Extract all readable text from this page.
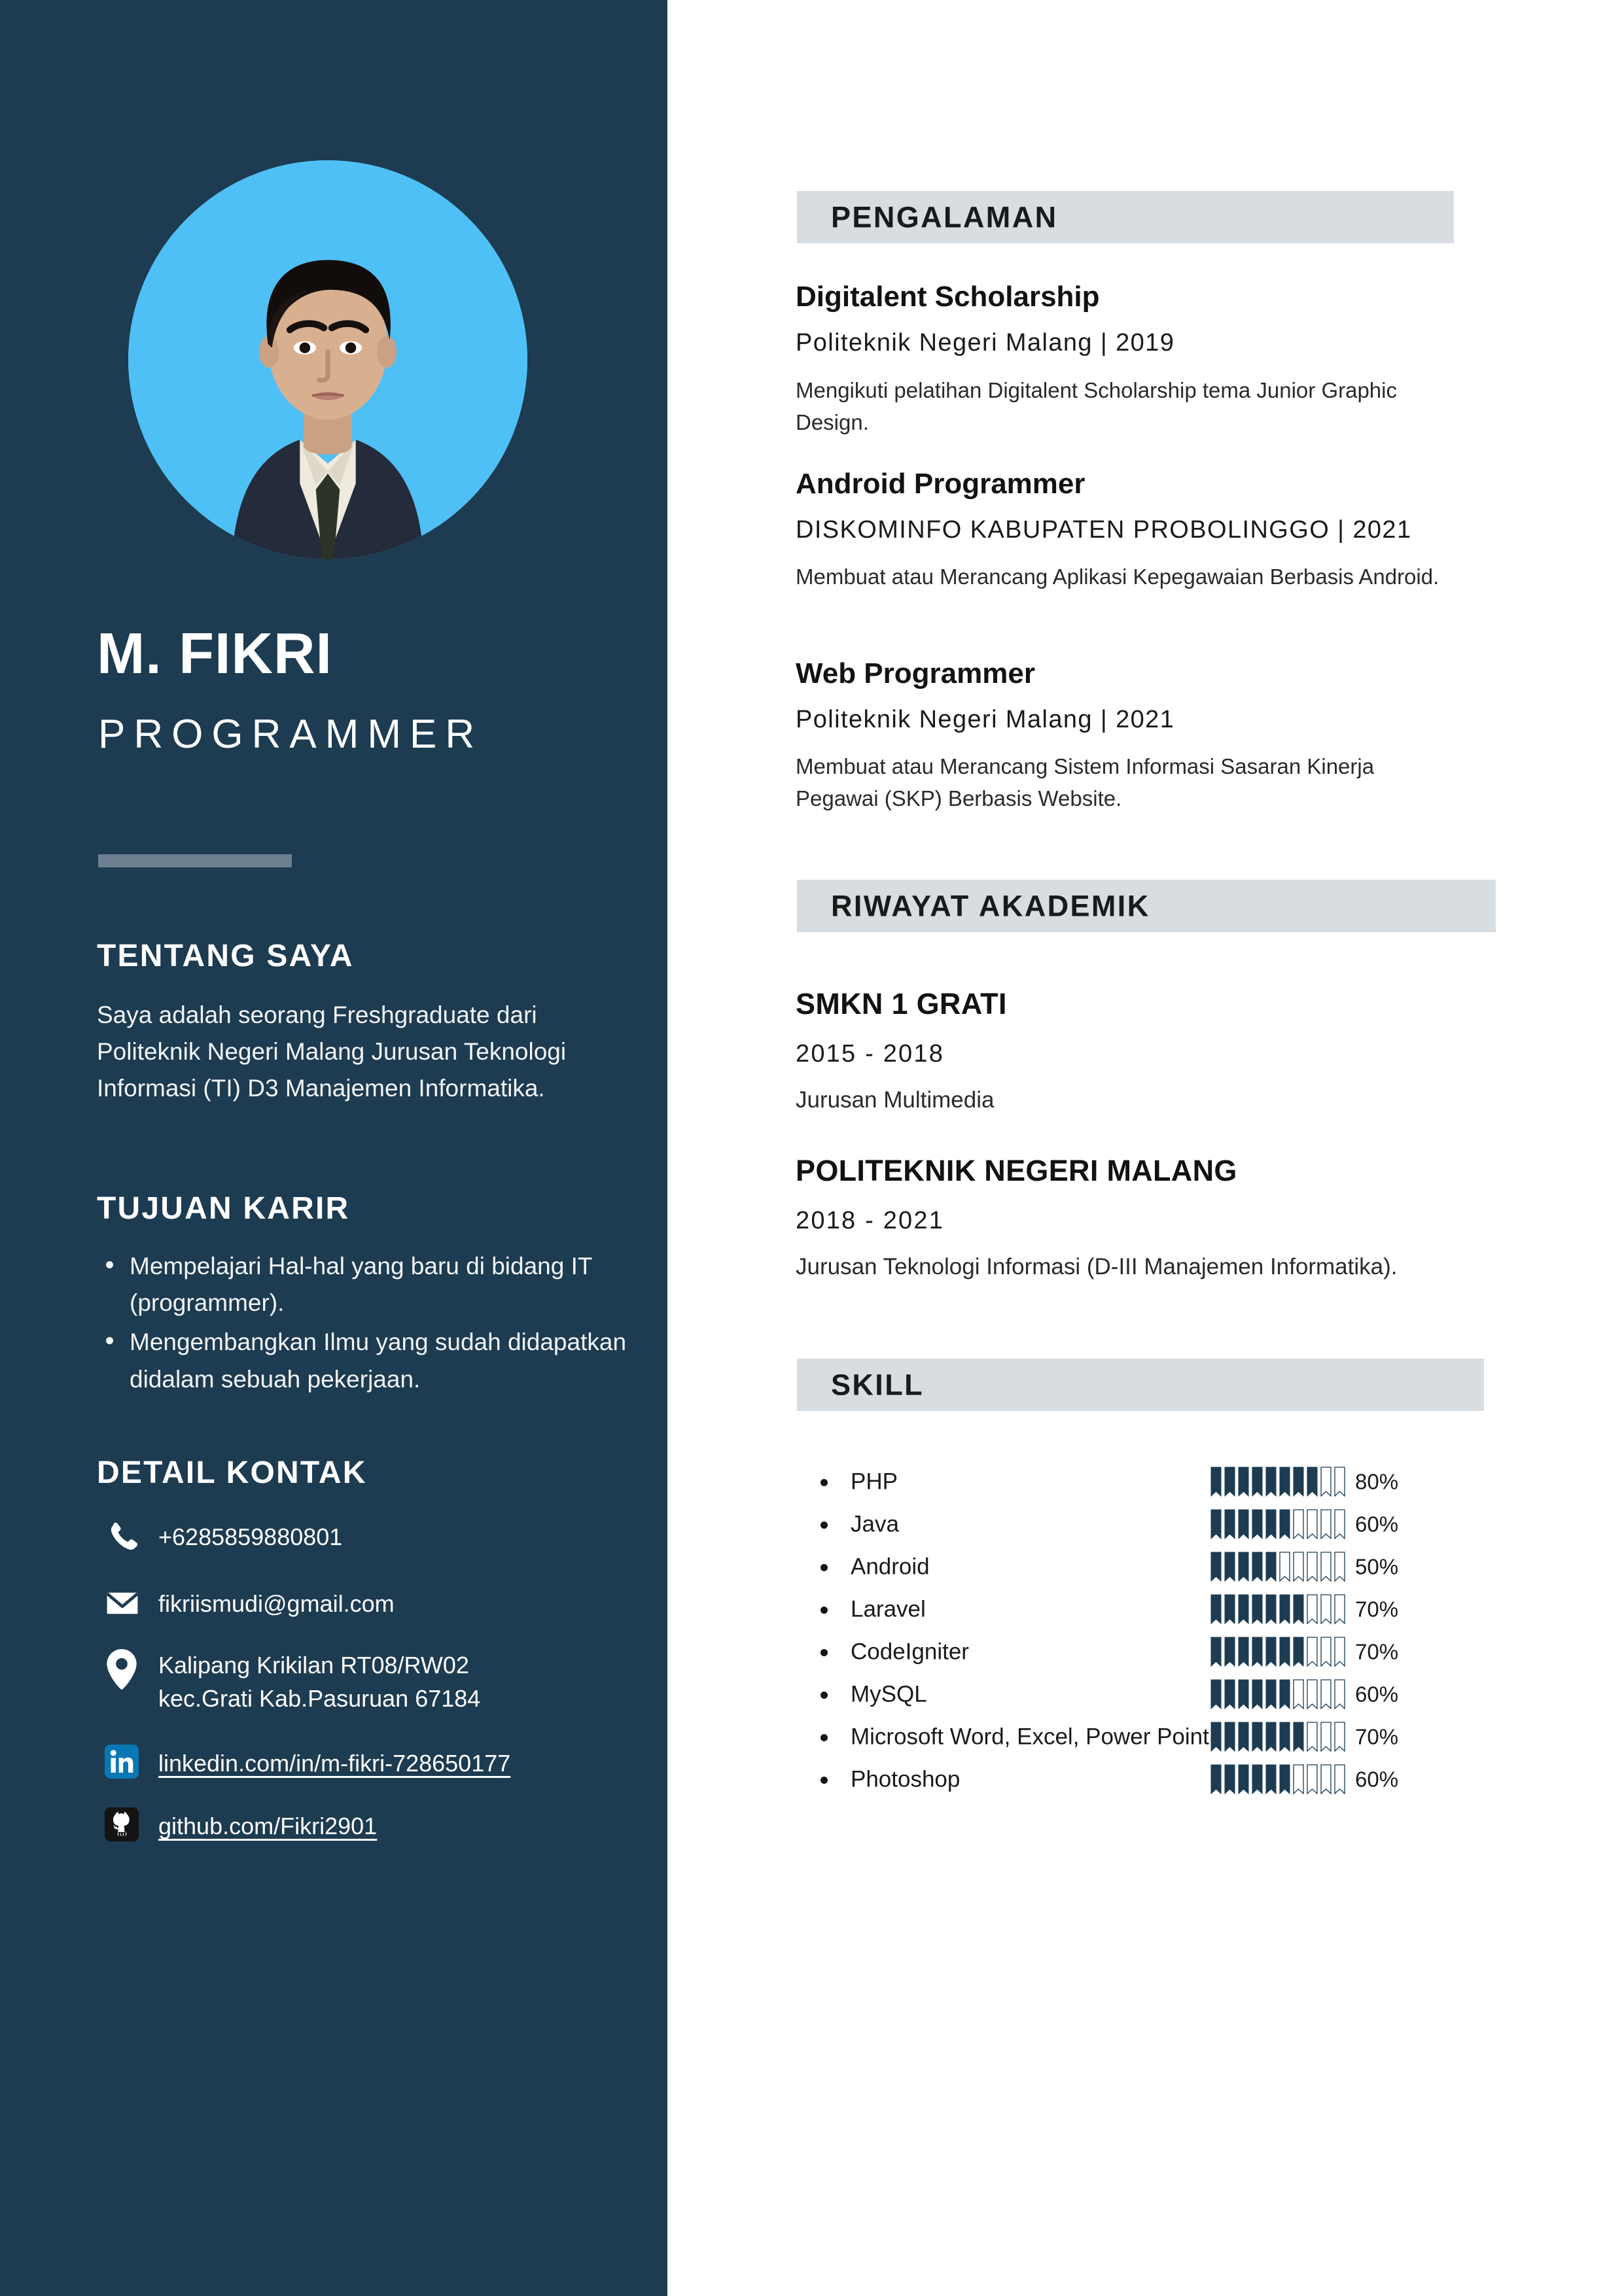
M. FIKRI
PROGRAMMER
TENTANG SAYA
Saya adalah seorang Freshgraduate dari Politeknik Negeri Malang Jurusan Teknologi Informasi (TI) D3 Manajemen Informatika.
TUJUAN KARIR
Mempelajari Hal-hal yang baru di bidang IT (programmer).
Mengembangkan Ilmu yang sudah didapatkan didalam sebuah pekerjaan.
DETAIL KONTAK
+6285859880801
fikriismudi@gmail.com
Kalipang Krikilan RT08/RW02
kec.Grati Kab.Pasuruan 67184
linkedin.com/in/m-fikri-728650177
github.com/Fikri2901
PENGALAMAN
Digitalent Scholarship
Politeknik Negeri Malang | 2019
Mengikuti pelatihan Digitalent Scholarship tema Junior Graphic Design.
Android Programmer
DISKOMINFO KABUPATEN PROBOLINGGO | 2021
Membuat atau Merancang Aplikasi Kepegawaian Berbasis Android.
Web Programmer
Politeknik Negeri Malang | 2021
Membuat atau Merancang Sistem Informasi Sasaran Kinerja Pegawai (SKP) Berbasis Website.
RIWAYAT AKADEMIK
SMKN 1 GRATI
2015 - 2018
Jurusan Multimedia
POLITEKNIK NEGERI MALANG
2018 - 2021
Jurusan Teknologi Informasi (D-III Manajemen Informatika).
SKILL
PHP	80%
Java	60%
Android	50%
Laravel	70%
CodeIgniter	70%
MySQL	60%
Microsoft Word, Excel, Power Point	70%
Photoshop	60%
